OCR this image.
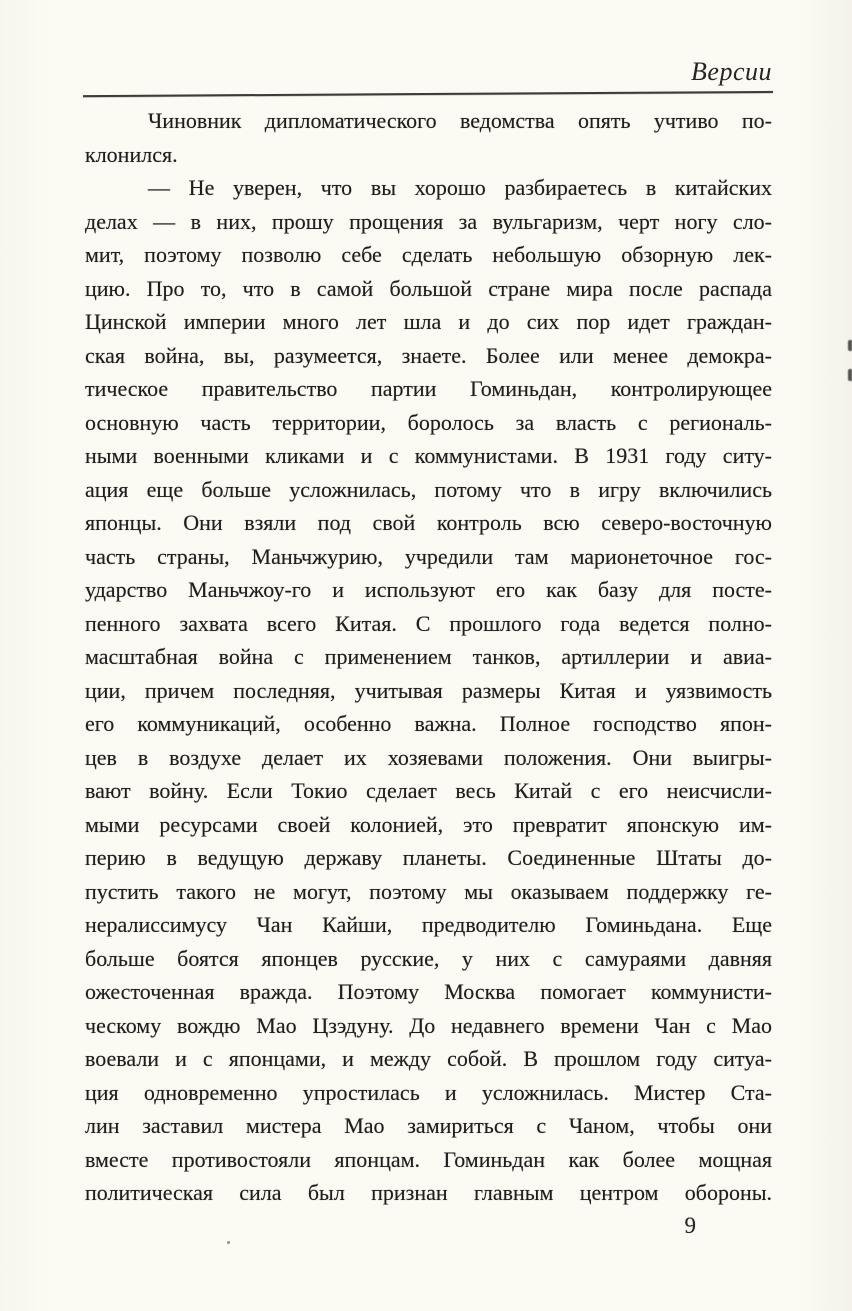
Версии
Чиновник дипломатического ведомства опять учтиво по-
клонился.
— Не уверен, что вы хорошо разбираетесь в китайских
делах — в них, прошу прощения за вульгаризм, черт ногу сло-
мит, поэтому позволю себе сделать небольшую обзорную лек-
цию. Про то, что в самой большой стране мира после распада
Цинской империи много лет шла и до сих пор идет граждан-
ская война, вы, разумеется, знаете. Более или менее демокра-
тическое правительство партии Гоминьдан, контролирующее
основную часть территории, боролось за власть с региональ-
ными военными кликами и с коммунистами. В 1931 году ситу-
ация еще больше усложнилась, потому что в игру включились
японцы. Они взяли под свой контроль всю северо-восточную
часть страны, Маньчжурию, учредили там марионеточное гос-
ударство Маньчжоу-го и используют его как базу для посте-
пенного захвата всего Китая. С прошлого года ведется полно-
масштабная война с применением танков, артиллерии и авиа-
ции, причем последняя, учитывая размеры Китая и уязвимость
его коммуникаций, особенно важна. Полное господство япон-
цев в воздухе делает их хозяевами положения. Они выигры-
вают войну. Если Токио сделает весь Китай с его неисчисли-
мыми ресурсами своей колонией, это превратит японскую им-
перию в ведущую державу планеты. Соединенные Штаты до-
пустить такого не могут, поэтому мы оказываем поддержку ге-
нералиссимусу Чан Кайши, предводителю Гоминьдана. Еще
больше боятся японцев русские, у них с самураями давняя
ожесточенная вражда. Поэтому Москва помогает коммунисти-
ческому вождю Мао Цзэдуну. До недавнего времени Чан с Мао
воевали и с японцами, и между собой. В прошлом году ситуа-
ция одновременно упростилась и усложнилась. Мистер Ста-
лин заставил мистера Мао замириться с Чаном, чтобы они
вместе противостояли японцам. Гоминьдан как более мощная
политическая сила был признан главным центром обороны.
9
